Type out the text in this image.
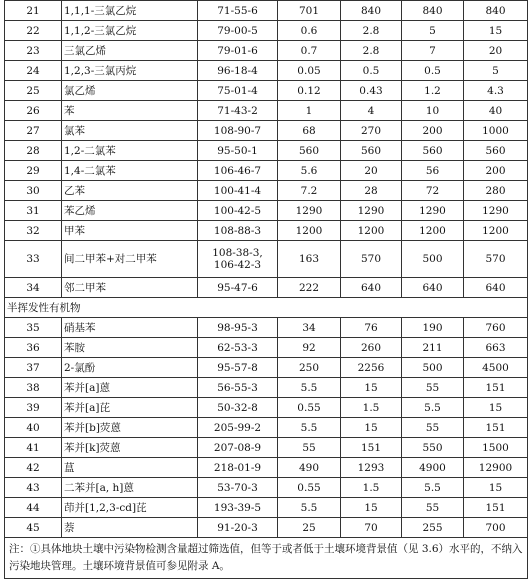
21	1,1,1-三氯乙烷	71-55-6	701	840	840	840
22	1,1,2-三氯乙烷	79-00-5	0.6	2.8	5	15
23	三氯乙烯	79-01-6	0.7	2.8	7	20
24	1,2,3-三氯丙烷	96-18-4	0.05	0.5	0.5	5
25	氯乙烯	75-01-4	0.12	0.43	1.2	4.3
26	苯	71-43-2	1	4	10	40
27	氯苯	108-90-7	68	270	200	1000
28	1,2-二氯苯	95-50-1	560	560	560	560
29	1,4-二氯苯	106-46-7	5.6	20	56	200
30	乙苯	100-41-4	7.2	28	72	280
31	苯乙烯	100-42-5	1290	1290	1290	1290
32	甲苯	108-88-3	1200	1200	1200	1200
33	间二甲苯+对二甲苯	108-38-3,
106-42-3	163	570	500	570
34	邻二甲苯	95-47-6	222	640	640	640
半挥发性有机物						
35	硝基苯	98-95-3	34	76	190	760
36	苯胺	62-53-3	92	260	211	663
37	2-氯酚	95-57-8	250	2256	500	4500
38	苯并[a]蒽	56-55-3	5.5	15	55	151
39	苯并[a]芘	50-32-8	0.55	1.5	5.5	15
40	苯并[b]荧蒽	205-99-2	5.5	15	55	151
41	苯并[k]荧蒽	207-08-9	55	151	550	1500
42	蒀	218-01-9	490	1293	4900	12900
43	二苯并[a, h]蒽	53-70-3	0.55	1.5	5.5	15
44	茚并[1,2,3-cd]芘	193-39-5	5.5	15	55	151
45	萘	91-20-3	25	70	255	700
注：①具体地块土壤中污染物检测含量超过筛选值，但等于或者低于土壤环境背景值（见 3.6）水平的，不纳入污染地块管理。土壤环境背景值可参见附录 A。						
